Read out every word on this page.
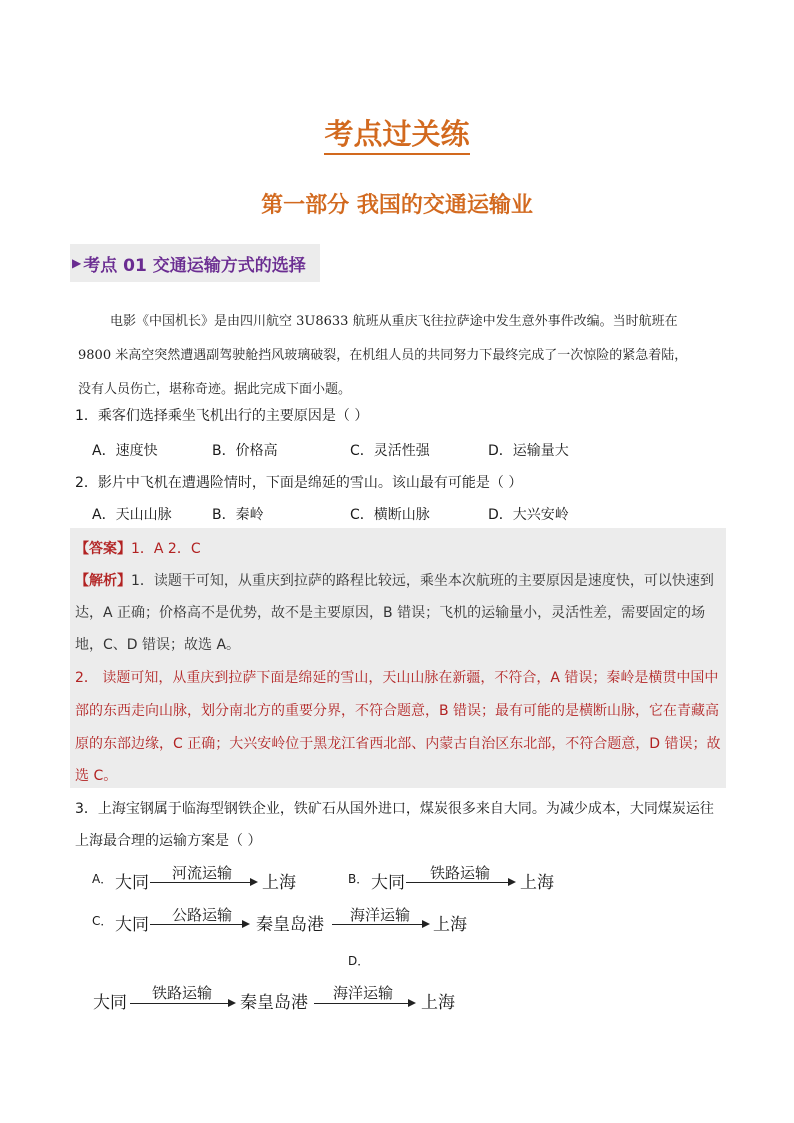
考点过关练
第一部分 我国的交通运输业
▶ 考点 01 交通运输方式的选择
电影《中国机长》是由四川航空 3U8633 航班从重庆飞往拉萨途中发生意外事件改编。当时航班在
9800 米高空突然遭遇副驾驶舱挡风玻璃破裂，在机组人员的共同努力下最终完成了一次惊险的紧急着陆，
没有人员伤亡，堪称奇迹。据此完成下面小题。
1．乘客们选择乘坐飞机出行的主要原因是（ ）
A．速度快	B．价格高	C．灵活性强	D．运输量大
2．影片中飞机在遭遇险情时，下面是绵延的雪山。该山最有可能是（ ）
A．天山山脉	B．秦岭	C．横断山脉	D．大兴安岭
【答案】1．A 2．C
【解析】1．读题干可知，从重庆到拉萨的路程比较远，乘坐本次航班的主要原因是速度快，可以快速到
达，A 正确；价格高不是优势，故不是主要原因，B 错误；飞机的运输量小，灵活性差，需要固定的场
地，C、D 错误；故选 A。
2． 读题可知，从重庆到拉萨下面是绵延的雪山，天山山脉在新疆，不符合，A 错误；秦岭是横贯中国中
部的东西走向山脉，划分南北方的重要分界，不符合题意，B 错误；最有可能的是横断山脉，它在青藏高
原的东部边缘，C 正确；大兴安岭位于黑龙江省西北部、内蒙古自治区东北部，不符合题意，D 错误；故
选 C。
3．上海宝钢属于临海型钢铁企业，铁矿石从国外进口，煤炭很多来自大同。为减少成本，大同煤炭运往
上海最合理的运输方案是（ ）
A． 大同 河流运输 上海	B． 大同 铁路运输 上海
C． 大同 公路运输 秦皇岛港 海洋运输 上海
D．
大同 铁路运输 秦皇岛港 海洋运输 上海
